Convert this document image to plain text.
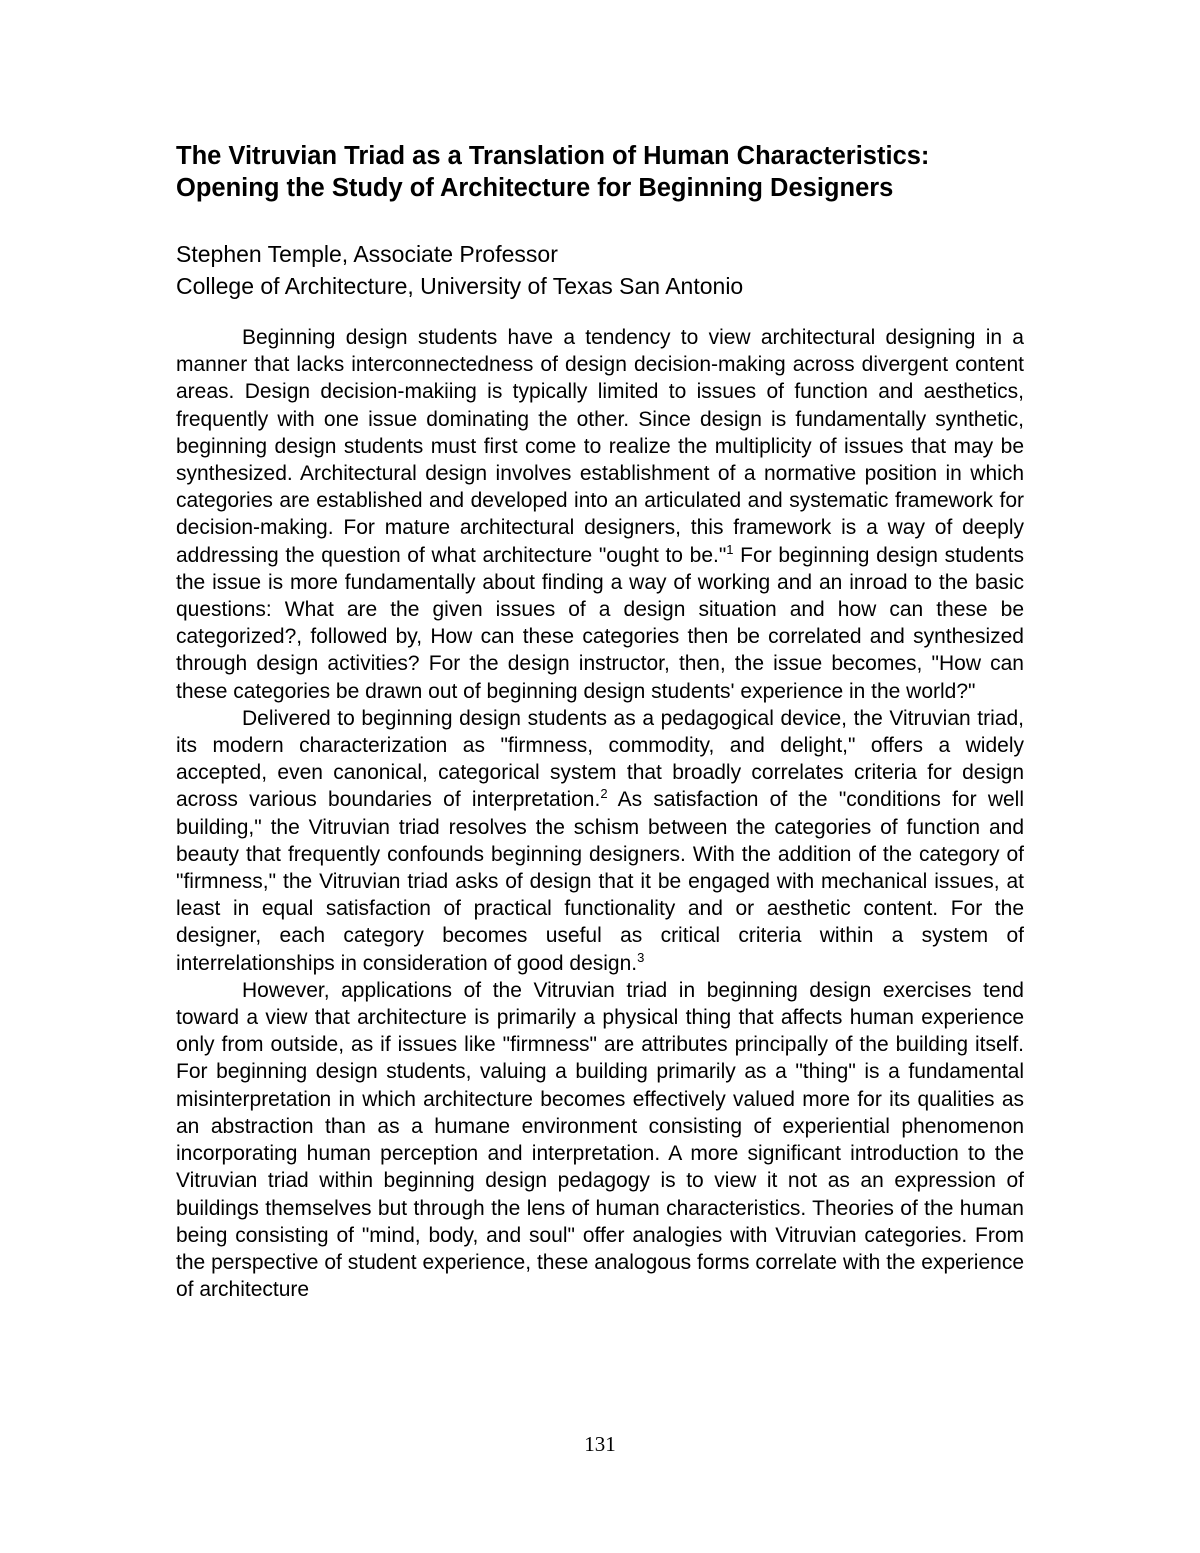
The Vitruvian Triad as a Translation of Human Characteristics:
Opening the Study of Architecture for Beginning Designers
Stephen Temple, Associate Professor
College of Architecture, University of Texas San Antonio

Beginning design students have a tendency to view architectural designing in a manner that lacks interconnectedness of design decision-making across divergent content areas. Design decision-makiing is typically limited to issues of function and aesthetics, frequently with one issue dominating the other. Since design is fundamentally synthetic, beginning design students must first come to realize the multiplicity of issues that may be synthesized. Architectural design involves establishment of a normative position in which categories are established and developed into an articulated and systematic framework for decision-making. For mature architectural designers, this framework is a way of deeply addressing the question of what architecture "ought to be."$^1$ For beginning design students the issue is more fundamentally about finding a way of working and an inroad to the basic questions: What are the given issues of a design situation and how can these be categorized?, followed by, How can these categories then be correlated and synthesized through design activities? For the design instructor, then, the issue becomes, "How can these categories be drawn out of beginning design students' experience in the world?"

Delivered to beginning design students as a pedagogical device, the Vitruvian triad, its modern characterization as "firmness, commodity, and delight," offers a widely accepted, even canonical, categorical system that broadly correlates criteria for design across various boundaries of interpretation.$^2$ As satisfaction of the "conditions for well building," the Vitruvian triad resolves the schism between the categories of function and beauty that frequently confounds beginning designers. With the addition of the category of "firmness," the Vitruvian triad asks of design that it be engaged with mechanical issues, at least in equal satisfaction of practical functionality and or aesthetic content. For the designer, each category becomes useful as critical criteria within a system of interrelationships in consideration of good design.$^3$

However, applications of the Vitruvian triad in beginning design exercises tend toward a view that architecture is primarily a physical thing that affects human experience only from outside, as if issues like "firmness" are attributes principally of the building itself. For beginning design students, valuing a building primarily as a "thing" is a fundamental misinterpretation in which architecture becomes effectively valued more for its qualities as an abstraction than as a humane environment consisting of experiential phenomenon incorporating human perception and interpretation. A more significant introduction to the Vitruvian triad within beginning design pedagogy is to view it not as an expression of buildings themselves but through the lens of human characteristics. Theories of the human being consisting of "mind, body, and soul" offer analogies with Vitruvian categories. From the perspective of student experience, these analogous forms correlate with the experience of architecture

131
